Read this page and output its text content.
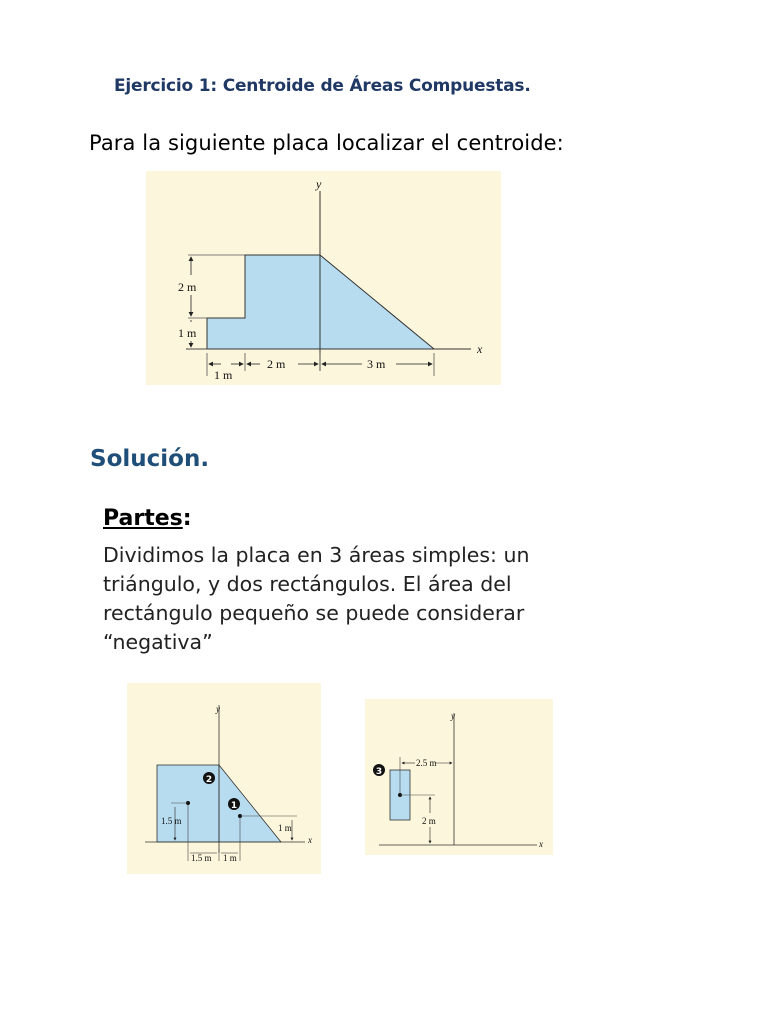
Ejercicio 1: Centroide de Áreas Compuestas.
Para la siguiente placa localizar el centroide:
y
x
2 m
1 m
1 m
2 m	3 m
Solución.
Partes:
Dividimos la placa en 3 áreas simples: un triángulo, y dos rectángulos. El área del rectángulo pequeño se puede considerar “negativa”
y
x
2
1
1.5 m
1 m
1.5 m 1 m
y
x
3
2.5 m
2 m
